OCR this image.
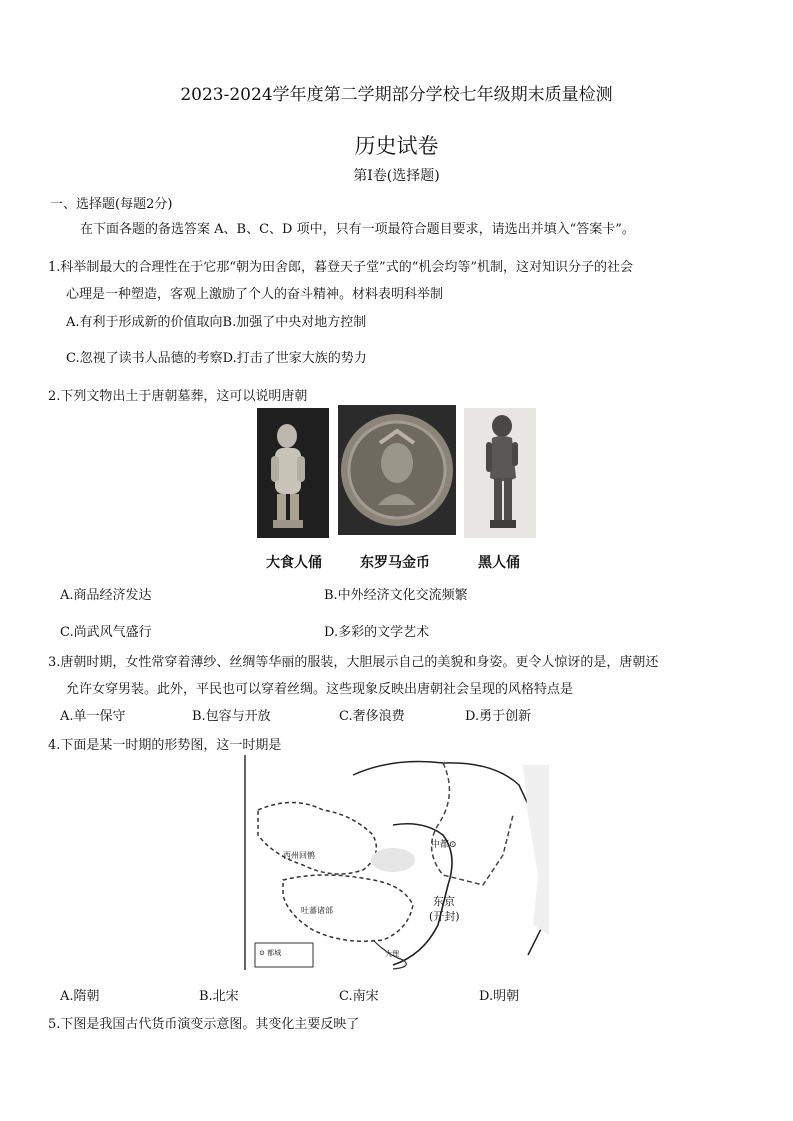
2023-2024学年度第二学期部分学校七年级期末质量检测
历史试卷
第Ⅰ卷(选择题)
一、选择题(每题2分)
在下面各题的备选答案 A、B、C、D 项中，只有一项最符合题目要求，请选出并填入“答案卡”。
1.科举制最大的合理性在于它那“朝为田舍郎，暮登天子堂”式的“机会均等”机制，这对知识分子的社会
心理是一种塑造，客观上激励了个人的奋斗精神。材料表明科举制
A.有利于形成新的价值取向B.加强了中央对地方控制
C.忽视了读书人品德的考察D.打击了世家大族的势力
2.下列文物出土于唐朝墓葬，这可以说明唐朝
大食人俑	东罗马金币	黑人俑
A.商品经济发达	B.中外经济文化交流频繁
C.尚武风气盛行	D.多彩的文学艺术
3.唐朝时期，女性常穿着薄纱、丝绸等华丽的服装，大胆展示自己的美貌和身姿。更令人惊讶的是，唐朝还
允许女穿男装。此外，平民也可以穿着丝绸。这些现象反映出唐朝社会呈现的风格特点是
A.单一保守	B.包容与开放	C.奢侈浪费	D.勇于创新
4.下面是某一时期的形势图，这一时期是
西州回鹘
吐蕃诸部
中都⊙
东京
(开封)
大理
⊙ 都城
A.隋朝	B.北宋	C.南宋	D.明朝
5.下图是我国古代货币演变示意图。其变化主要反映了
